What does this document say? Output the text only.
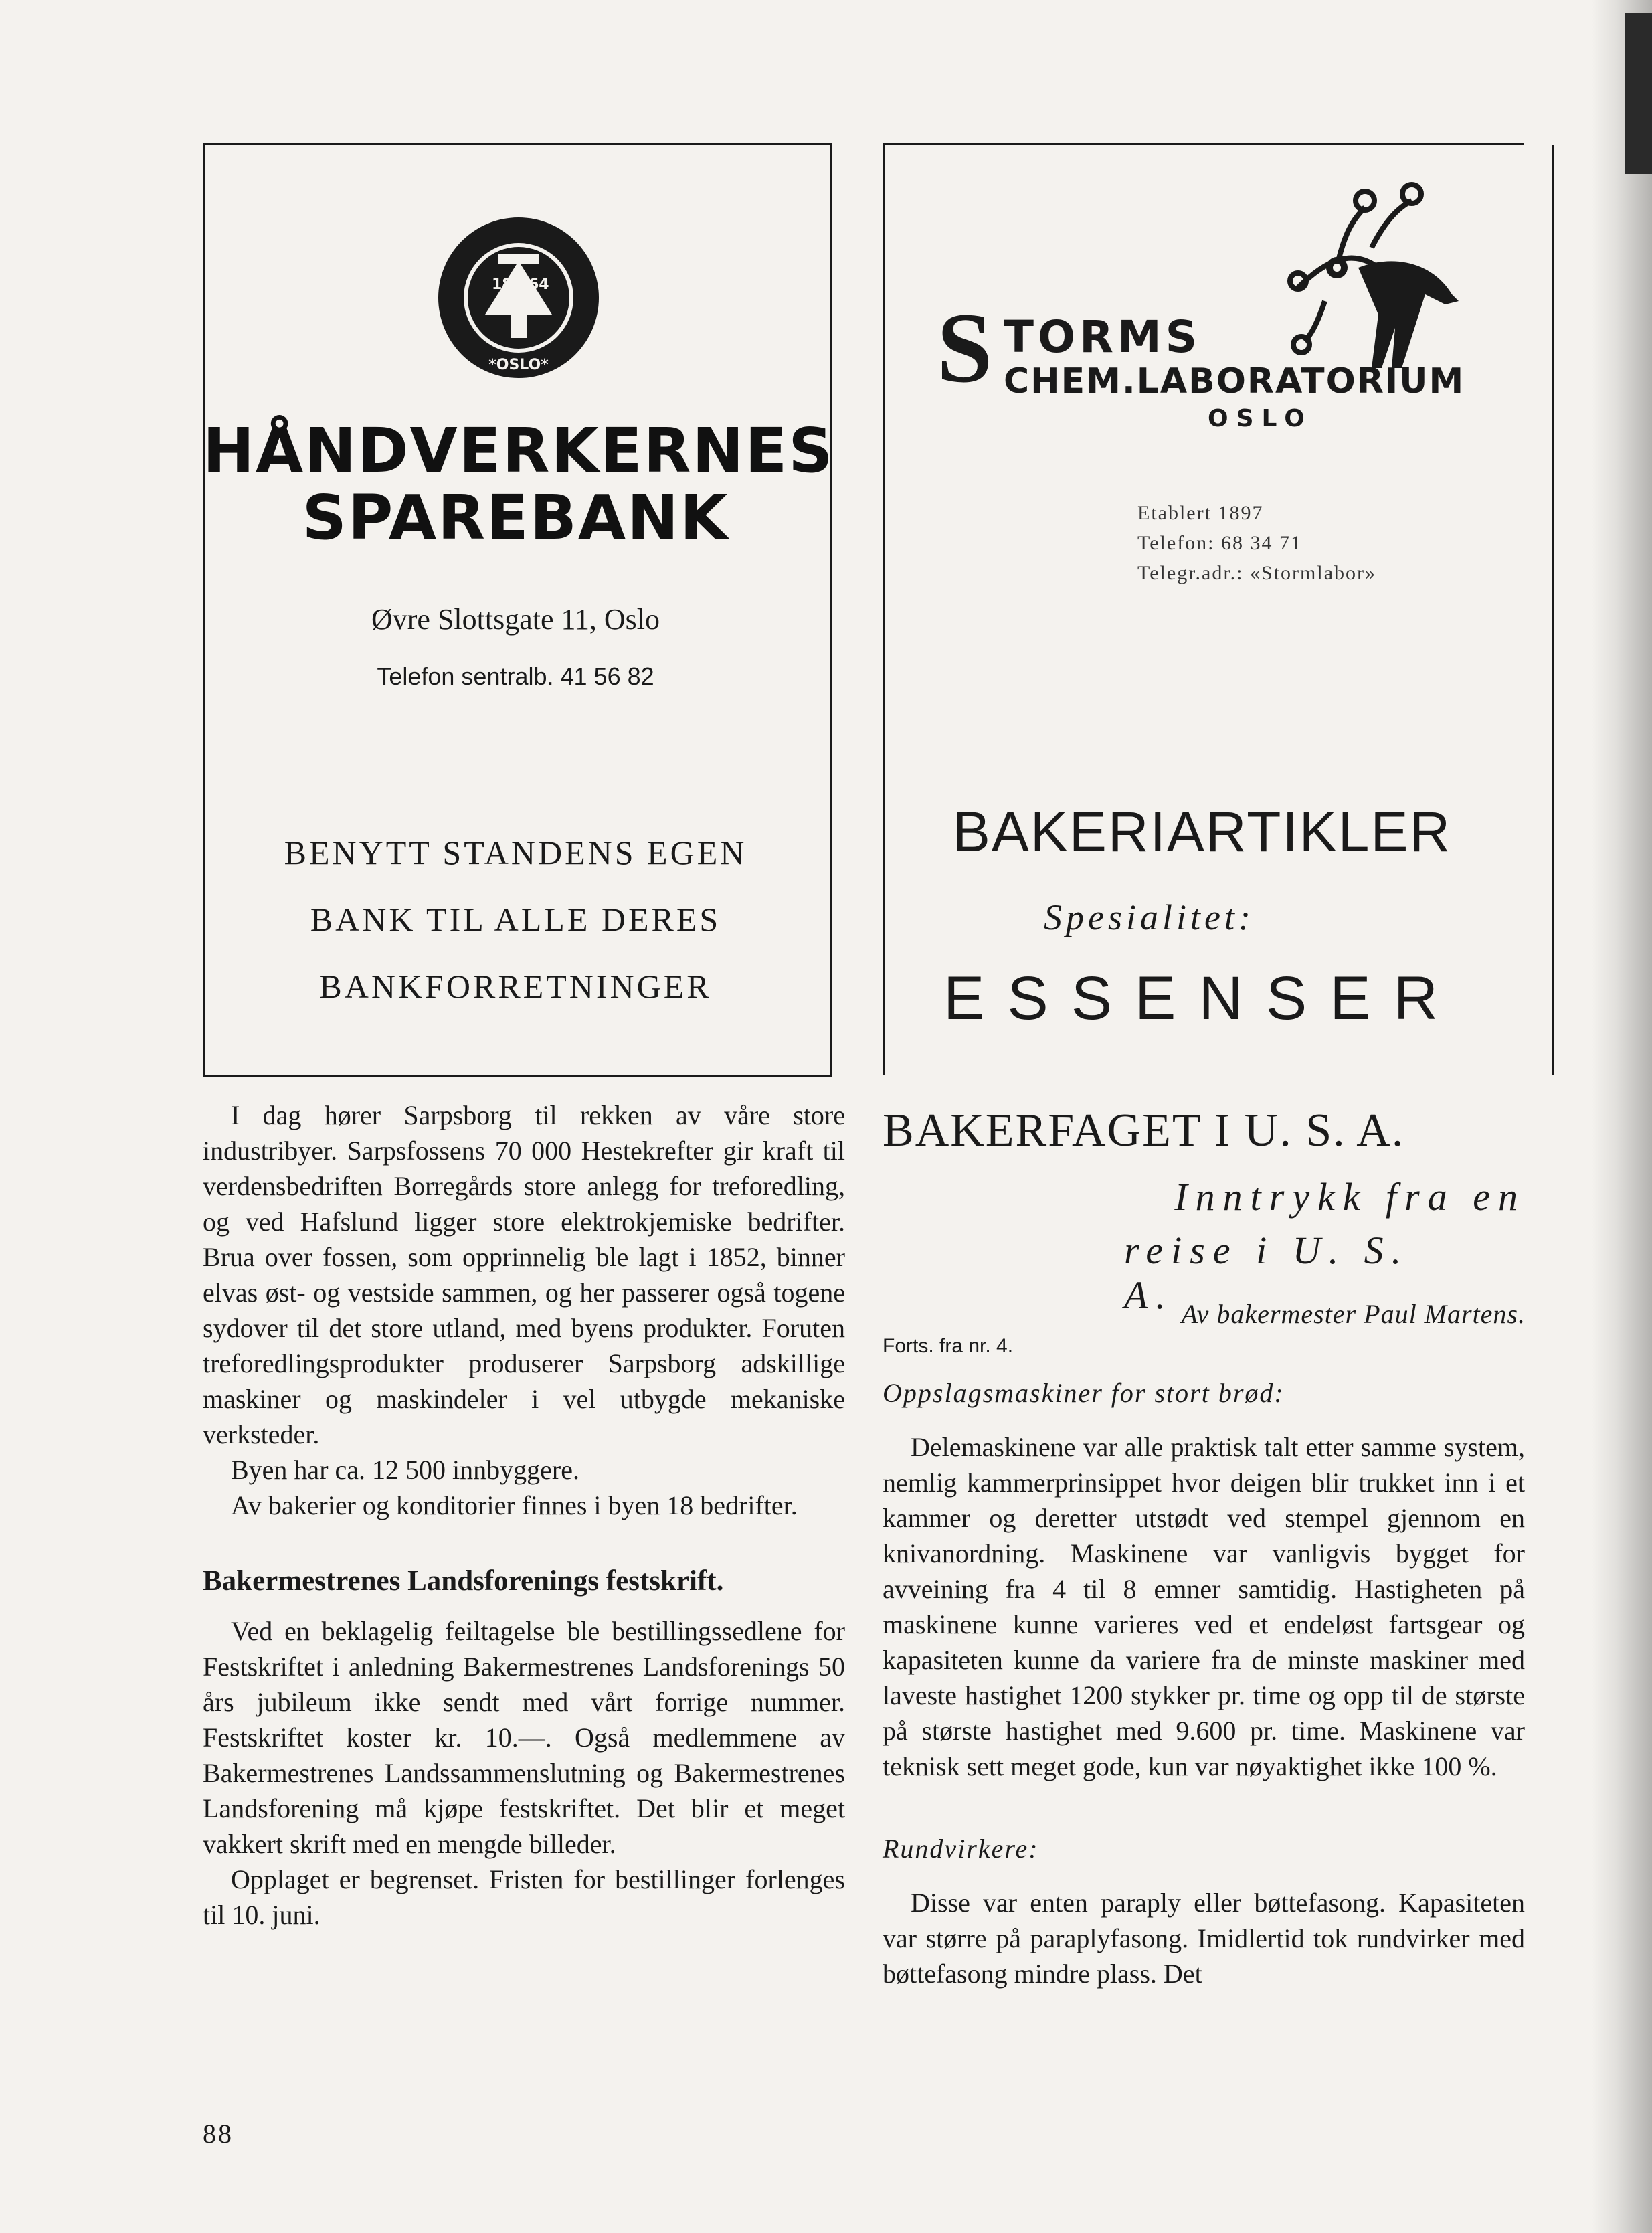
18 64
*OSLO*
HÅNDVERKERNES
SPAREBANK
Øvre Slottsgate 11, Oslo
Telefon sentralb. 41 56 82
BENYTT STANDENS EGEN
BANK TIL ALLE DERES
BANKFORRETNINGER
S TORMS
CHEM.LABORATORIUM
OSLO
Etablert 1897
Telefon: 68 34 71
Telegr.adr.: «Stormlabor»
BAKERIARTIKLER
Spesialitet:
ESSENSER

I dag hører Sarpsborg til rekken av våre store industribyer. Sarpsfossens 70 000 Hestekrefter gir kraft til verdensbedriften Borregårds store anlegg for treforedling, og ved Hafslund ligger store elektrokjemiske bedrifter. Brua over fossen, som opprinnelig ble lagt i 1852, binner elvas øst- og vestside sammen, og her passerer også togene sydover til det store utland, med byens produkter. Foruten treforedlingsprodukter produserer Sarpsborg adskillige maskiner og maskindeler i vel utbygde mekaniske verksteder.

Byen har ca. 12 500 innbyggere.

Av bakerier og konditorier finnes i byen 18 bedrifter.

Bakermestrenes Landsforenings festskrift.

Ved en beklagelig feiltagelse ble bestillingssedlene for Festskriftet i anledning Bakermestrenes Landsforenings 50 års jubileum ikke sendt med vårt forrige nummer. Festskriftet koster kr. 10.—. Også medlemmene av Bakermestrenes Landssammenslutning og Bakermestrenes Landsforening må kjøpe festskriftet. Det blir et meget vakkert skrift med en mengde billeder.

Opplaget er begrenset. Fristen for bestillinger forlenges til 10. juni.

BAKERFAGET I U. S. A.
Inntrykk fra en
reise i U. S. A. Av bakermester Paul Martens.
Forts. fra nr. 4.

Oppslagsmaskiner for stort brød:

Delemaskinene var alle praktisk talt etter samme system, nemlig kammerprinsippet hvor deigen blir trukket inn i et kammer og deretter utstødt ved stempel gjennom en knivanordning. Maskinene var vanligvis bygget for avveining fra 4 til 8 emner samtidig. Hastigheten på maskinene kunne varieres ved et endeløst fartsgear og kapasiteten kunne da variere fra de minste maskiner med laveste hastighet 1200 stykker pr. time og opp til de største på største hastighet med 9.600 pr. time. Maskinene var teknisk sett meget gode, kun var nøyaktighet ikke 100 %.

Rundvirkere:

Disse var enten paraply eller bøttefasong. Kapasiteten var større på paraplyfasong. Imidlertid tok rundvirker med bøttefasong mindre plass. Det

88
